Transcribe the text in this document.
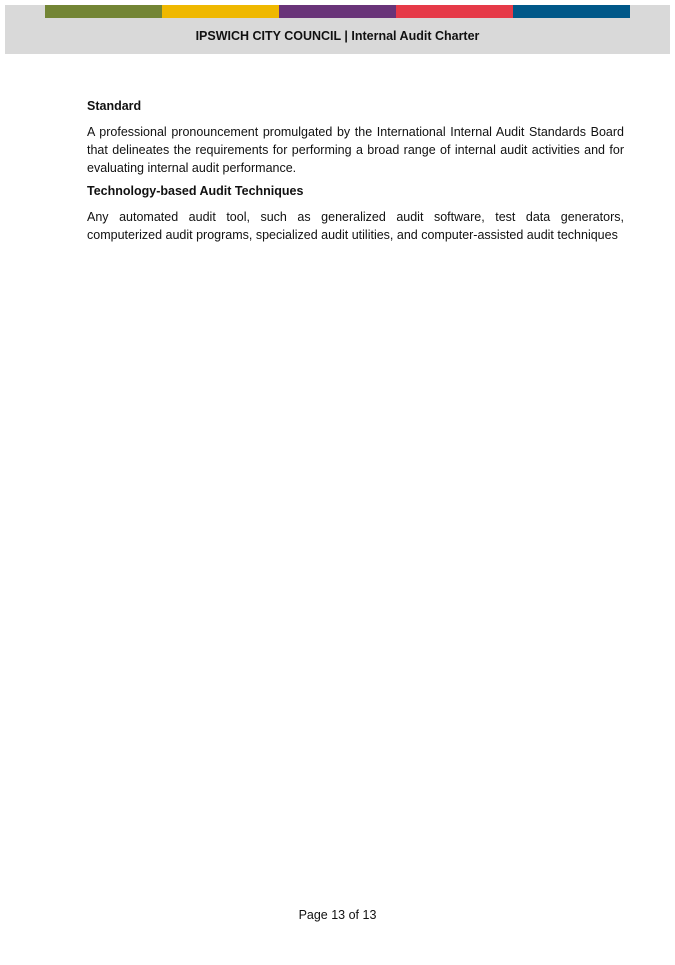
IPSWICH CITY COUNCIL | Internal Audit Charter
Standard

A professional pronouncement promulgated by the International Internal Audit Standards Board that delineates the requirements for performing a broad range of internal audit activities and for evaluating internal audit performance.

Technology-based Audit Techniques

Any automated audit tool, such as generalized audit software, test data generators, computerized audit programs, specialized audit utilities, and computer-assisted audit techniques

Page 13 of 13
